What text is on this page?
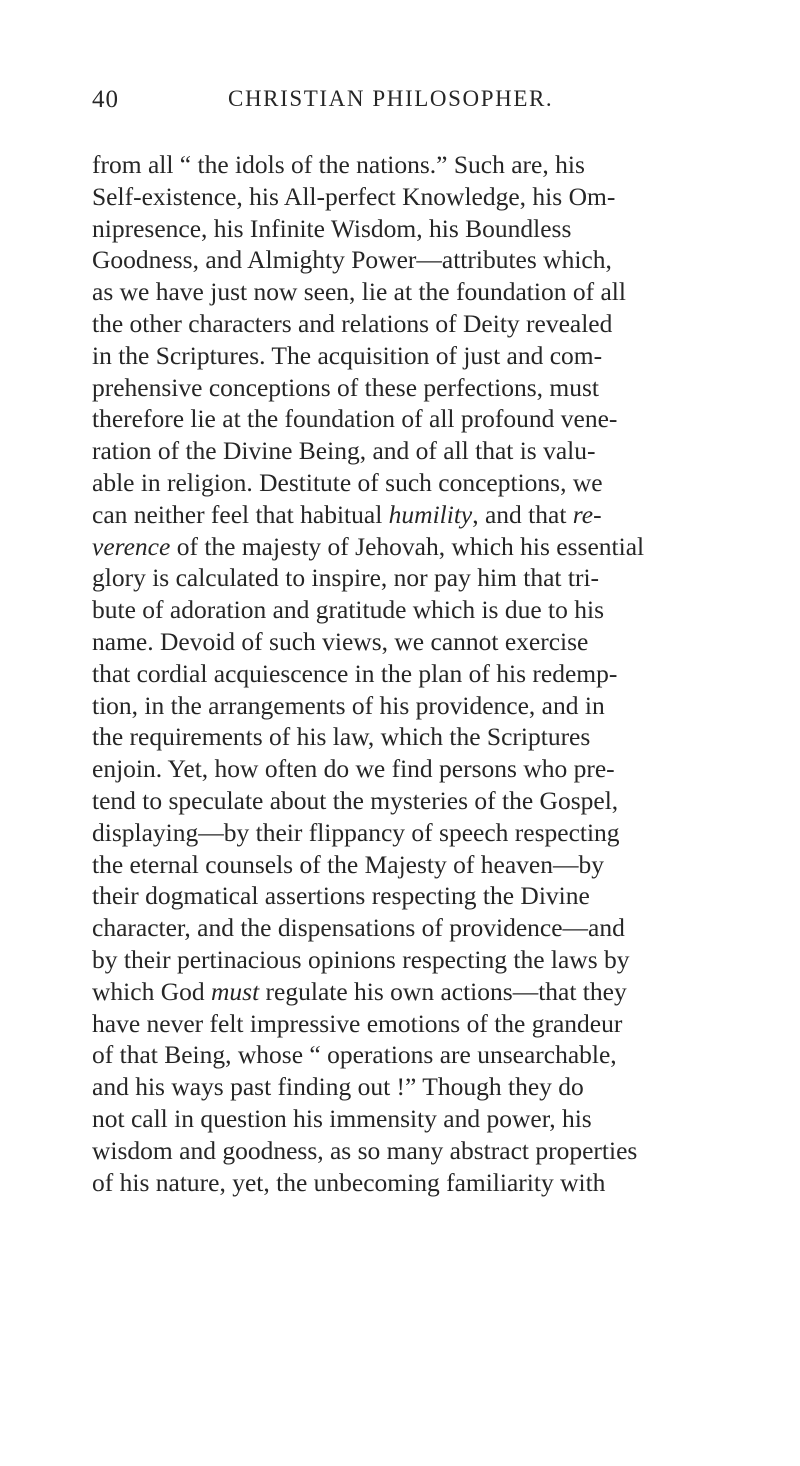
40	CHRISTIAN PHILOSOPHER.
from all “ the idols of the nations.” Such are, his
Self-existence, his All-perfect Knowledge, his Om-
nipresence, his Infinite Wisdom, his Boundless
Goodness, and Almighty Power—attributes which,
as we have just now seen, lie at the foundation of all
the other characters and relations of Deity revealed
in the Scriptures. The acquisition of just and com-
prehensive conceptions of these perfections, must
therefore lie at the foundation of all profound vene-
ration of the Divine Being, and of all that is valu-
able in religion. Destitute of such conceptions, we
can neither feel that habitual humility, and that re-
verence of the majesty of Jehovah, which his essential
glory is calculated to inspire, nor pay him that tri-
bute of adoration and gratitude which is due to his
name. Devoid of such views, we cannot exercise
that cordial acquiescence in the plan of his redemp-
tion, in the arrangements of his providence, and in
the requirements of his law, which the Scriptures
enjoin. Yet, how often do we find persons who pre-
tend to speculate about the mysteries of the Gospel,
displaying—by their flippancy of speech respecting
the eternal counsels of the Majesty of heaven—by
their dogmatical assertions respecting the Divine
character, and the dispensations of providence—and
by their pertinacious opinions respecting the laws by
which God must regulate his own actions—that they
have never felt impressive emotions of the grandeur
of that Being, whose “ operations are unsearchable,
and his ways past finding out !” Though they do
not call in question his immensity and power, his
wisdom and goodness, as so many abstract properties
of his nature, yet, the unbecoming familiarity with
